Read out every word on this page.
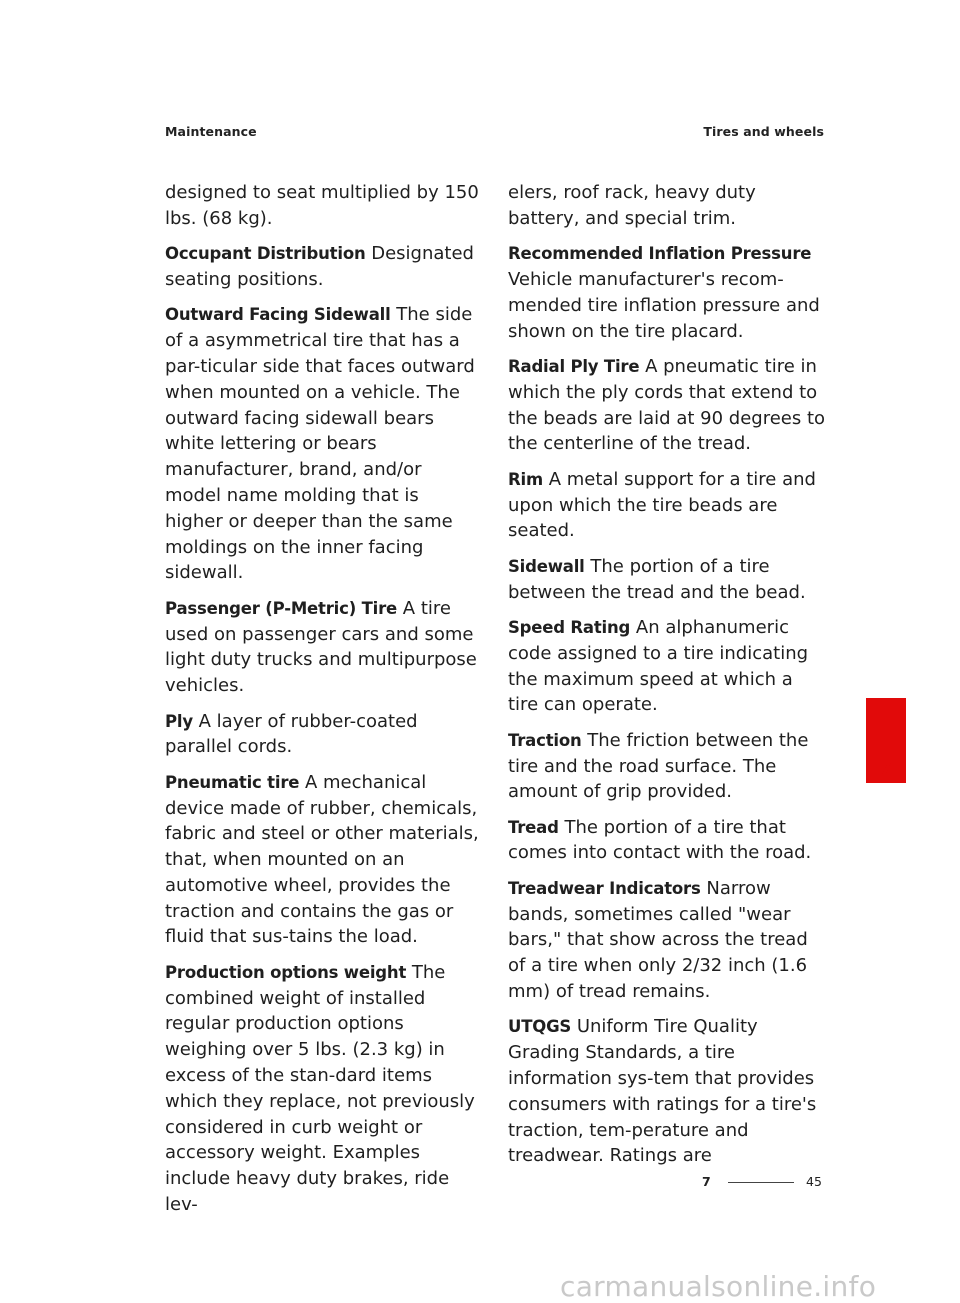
Maintenance	Tires and wheels

designed to seat multiplied by 150 lbs. (68 kg).

Occupant Distribution Designated seating positions.

Outward Facing Sidewall The side of a asymmetrical tire that has a par-ticular side that faces outward when mounted on a vehicle. The outward facing sidewall bears white lettering or bears manufacturer, brand, and/or model name molding that is higher or deeper than the same moldings on the inner facing sidewall.

Passenger (P-Metric) Tire A tire used on passenger cars and some light duty trucks and multipurpose vehicles.

Ply A layer of rubber-coated parallel cords.

Pneumatic tire A mechanical device made of rubber, chemicals, fabric and steel or other materials, that, when mounted on an automotive wheel, provides the traction and contains the gas or fluid that sus-tains the load.

Production options weight The combined weight of installed regular production options weighing over 5 lbs. (2.3 kg) in excess of the stan-dard items which they replace, not previously considered in curb weight or accessory weight. Examples include heavy duty brakes, ride lev-

elers, roof rack, heavy duty battery, and special trim.

Recommended Inflation Pressure Vehicle manufacturer's recom-mended tire inflation pressure and shown on the tire placard.

Radial Ply Tire A pneumatic tire in which the ply cords that extend to the beads are laid at 90 degrees to the centerline of the tread.

Rim A metal support for a tire and upon which the tire beads are seated.

Sidewall The portion of a tire between the tread and the bead.

Speed Rating An alphanumeric code assigned to a tire indicating the maximum speed at which a tire can operate.

Traction The friction between the tire and the road surface. The amount of grip provided.

Tread The portion of a tire that comes into contact with the road.

Treadwear Indicators Narrow bands, sometimes called "wear bars," that show across the tread of a tire when only 2/32 inch (1.6 mm) of tread remains.

UTQGS Uniform Tire Quality Grading Standards, a tire information sys-tem that provides consumers with ratings for a tire's traction, tem-perature and treadwear. Ratings are

7
7	45
carmanualsonline.info
